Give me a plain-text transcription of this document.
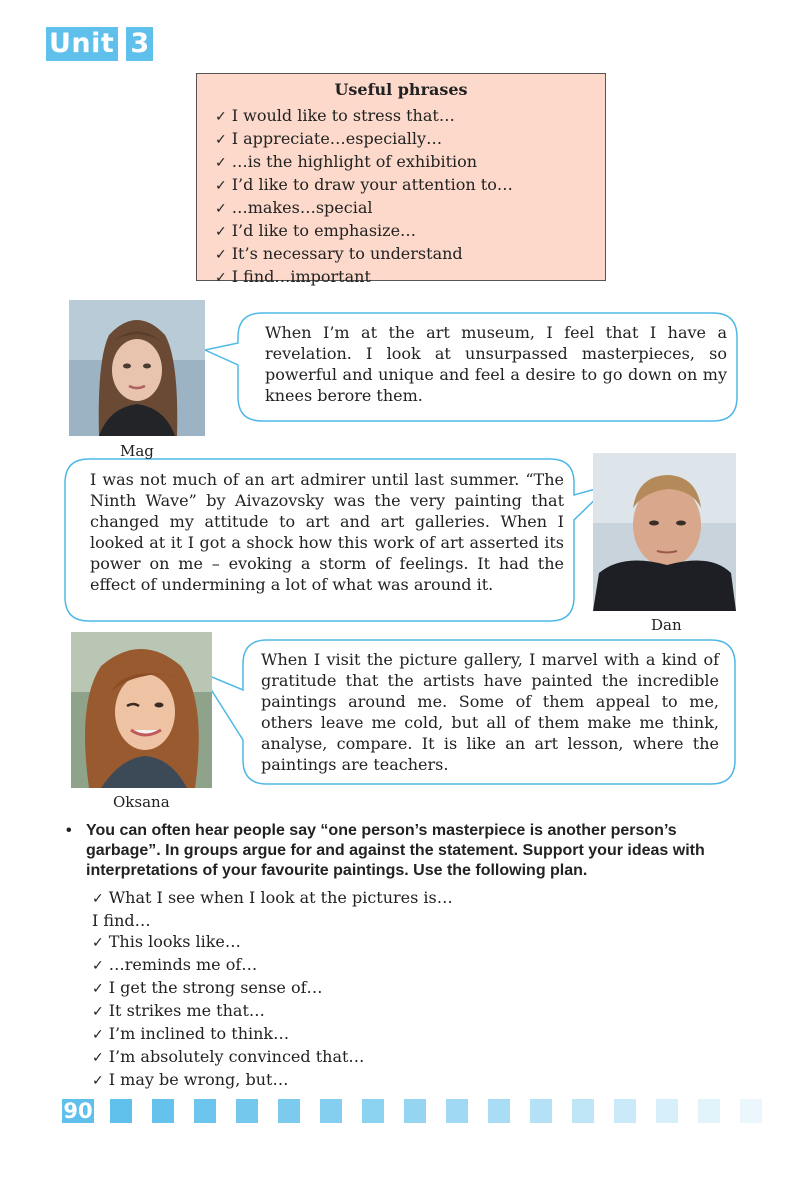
Unit 3
Useful phrases
✓ I would like to stress that…
✓ I appreciate…especially…
✓ …is the highlight of exhibition
✓ I’d like to draw your attention to…
✓ …makes…special
✓ I’d like to emphasize…
✓ It’s necessary to understand
✓ I find…important
Mag
When I’m at the art museum, I feel that I have a revelation. I look at unsurpassed masterpieces, so powerful and unique and feel a desire to go down on my knees berore them.
Dan
I was not much of an art admirer until last summer. “The Ninth Wave” by Aivazovsky was the very painting that changed my attitude to art and art galleries. When I looked at it I got a shock how this work of art asserted its power on me – evoking a storm of feelings. It had the effect of undermining a lot of what was around it.
Oksana
When I visit the picture gallery, I marvel with a kind of gratitude that the artists have painted the incredible paintings around me. Some of them appeal to me, others leave me cold, but all of them make me think, analyse, compare. It is like an art lesson, where the paintings are teachers.
• You can often hear people say “one person’s masterpiece is another person’s garbage”. In groups argue for and against the statement. Support your ideas with interpretations of your favourite paintings. Use the following plan.
✓ What I see when I look at the pictures is…
I find…
✓ This looks like…
✓ …reminds me of…
✓ I get the strong sense of…
✓ It strikes me that…
✓ I’m inclined to think…
✓ I’m absolutely convinced that…
✓ I may be wrong, but…
90
